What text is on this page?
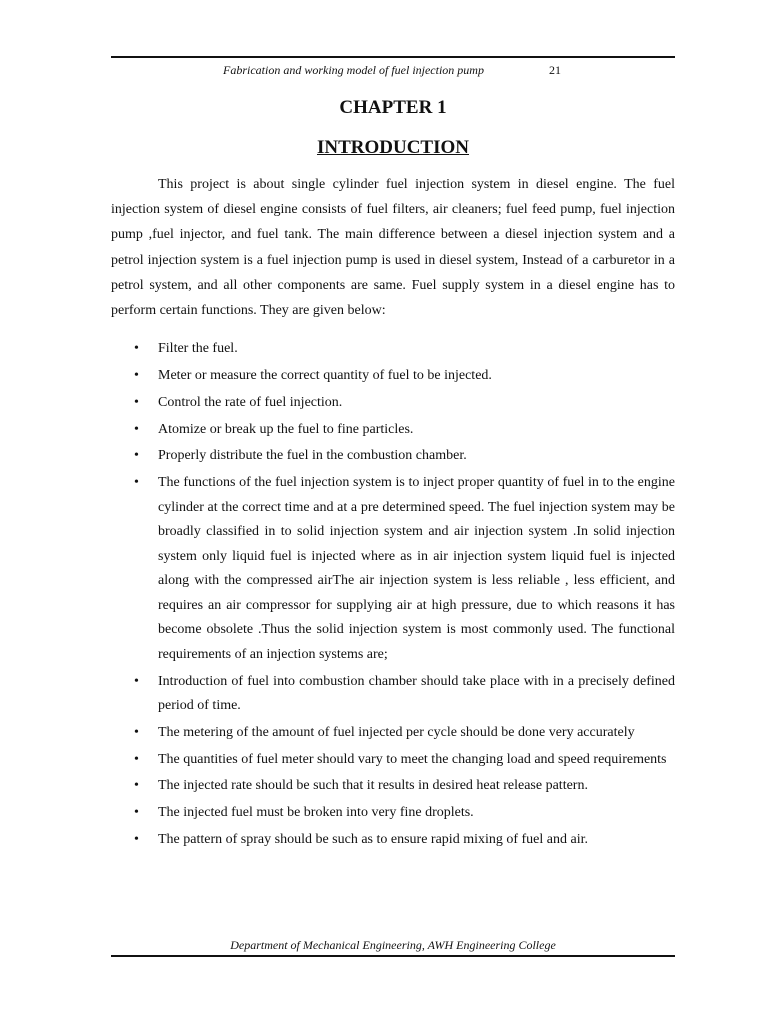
Fabrication and working model of fuel injection pump	21
CHAPTER 1
INTRODUCTION

This project is about single cylinder fuel injection system in diesel engine. The fuel injection system of diesel engine consists of fuel filters, air cleaners; fuel feed pump, fuel injection pump ,fuel injector, and fuel tank. The main difference between a diesel injection system and a petrol injection system is a fuel injection pump is used in diesel system, Instead of a carburetor in a petrol system, and all other components are same. Fuel supply system in a diesel engine has to perform certain functions. They are given below:

• Filter the fuel.
• Meter or measure the correct quantity of fuel to be injected.
• Control the rate of fuel injection.
• Atomize or break up the fuel to fine particles.
• Properly distribute the fuel in the combustion chamber.
• The functions of the fuel injection system is to inject proper quantity of fuel in to the engine cylinder at the correct time and at a pre determined speed. The fuel injection system may be broadly classified in to solid injection system and air injection system .In solid injection system only liquid fuel is injected where as in air injection system liquid fuel is injected along with the compressed airThe air injection system is less reliable , less efficient, and requires an air compressor for supplying air at high pressure, due to which reasons it has become obsolete .Thus the solid injection system is most commonly used. The functional requirements of an injection systems are;
• Introduction of fuel into combustion chamber should take place with in a precisely defined period of time.
• The metering of the amount of fuel injected per cycle should be done very accurately
• The quantities of fuel meter should vary to meet the changing load and speed requirements
• The injected rate should be such that it results in desired heat release pattern.
• The injected fuel must be broken into very fine droplets.
• The pattern of spray should be such as to ensure rapid mixing of fuel and air.
Department of Mechanical Engineering, AWH Engineering College
